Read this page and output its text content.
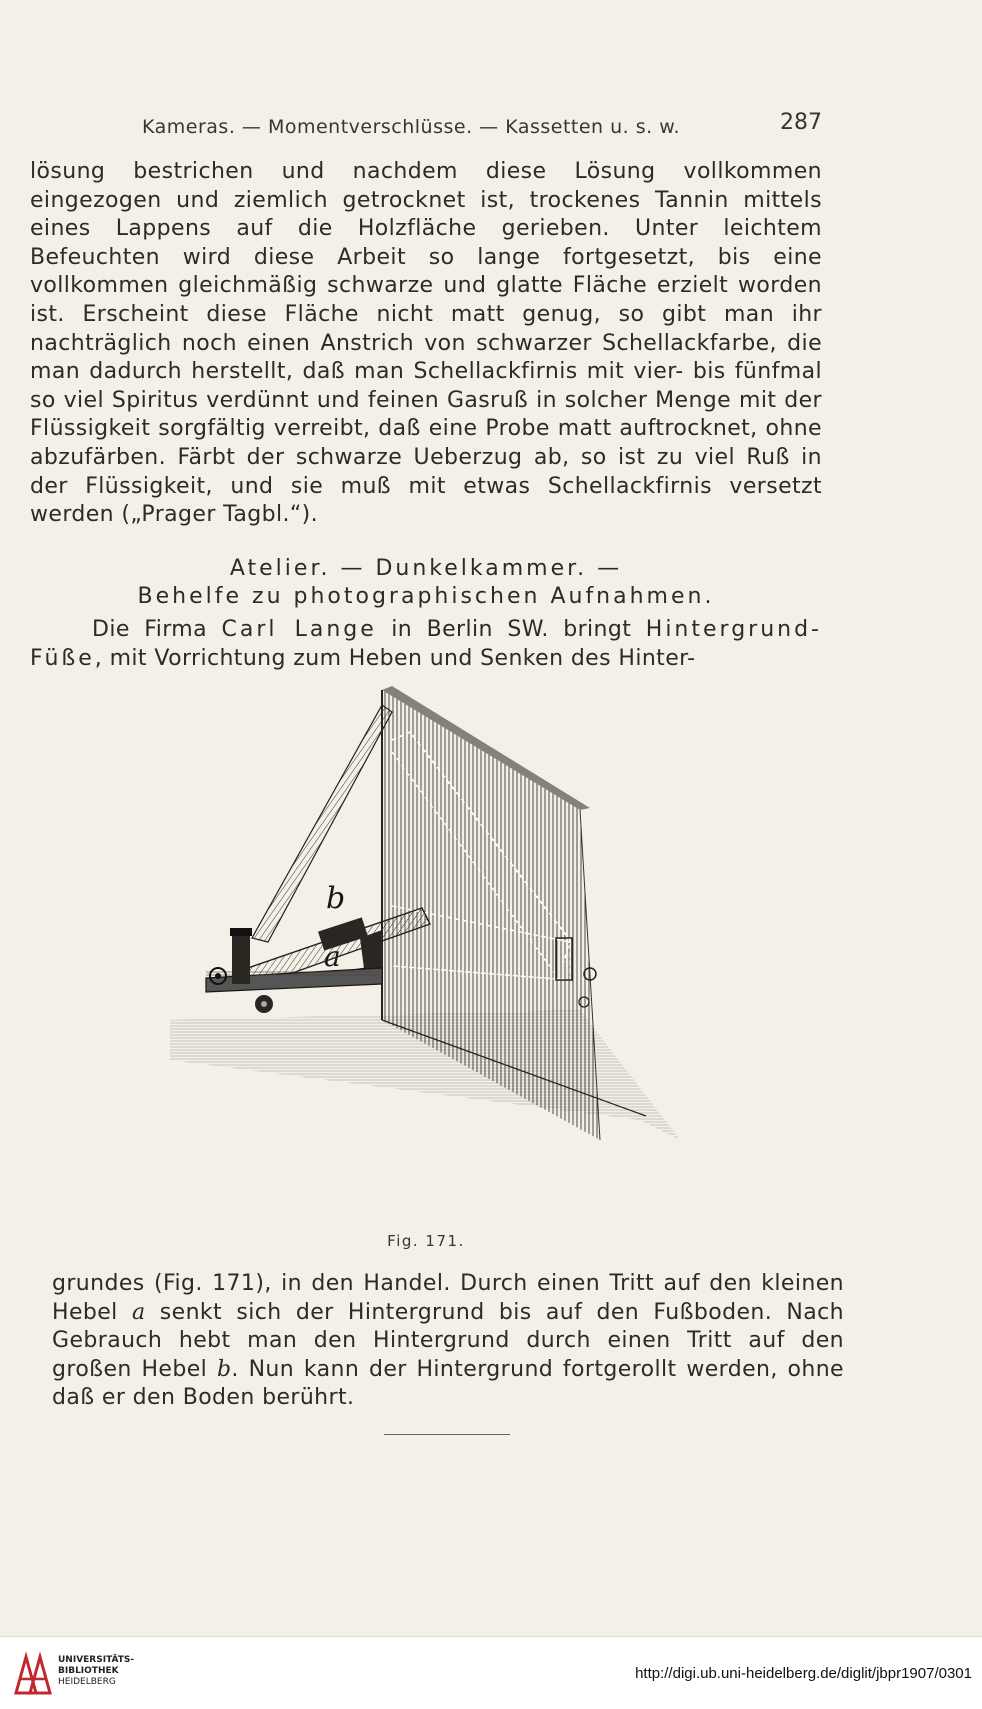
Kameras. — Momentverschlüsse. — Kassetten u. s. w.	287
lösung bestrichen und nachdem diese Lösung vollkommen eingezogen und ziemlich getrocknet ist, trockenes Tannin mittels eines Lappens auf die Holzfläche gerieben. Unter leichtem Befeuchten wird diese Arbeit so lange fortgesetzt, bis eine vollkommen gleichmäßig schwarze und glatte Fläche erzielt worden ist. Erscheint diese Fläche nicht matt genug, so gibt man ihr nachträglich noch einen Anstrich von schwarzer Schellackfarbe, die man dadurch herstellt, daß man Schellackfirnis mit vier- bis fünfmal so viel Spiritus verdünnt und feinen Gasruß in solcher Menge mit der Flüssigkeit sorgfältig verreibt, daß eine Probe matt auftrocknet, ohne abzufärben. Färbt der schwarze Ueberzug ab, so ist zu viel Ruß in der Flüssigkeit, und sie muß mit etwas Schellackfirnis versetzt werden („Prager Tagbl.“).
Atelier. — Dunkelkammer. —
Behelfe zu photographischen Aufnahmen.
Die Firma Carl Lange in Berlin SW. bringt Hintergrund-Füße, mit Vorrichtung zum Heben und Senken des Hinter-
b
a
Fig. 171.
grundes (Fig. 171), in den Handel. Durch einen Tritt auf den kleinen Hebel a senkt sich der Hintergrund bis auf den Fußboden. Nach Gebrauch hebt man den Hintergrund durch einen Tritt auf den großen Hebel b. Nun kann der Hintergrund fortgerollt werden, ohne daß er den Boden berührt.
UNIVERSITÄTS-
BIBLIOTHEK
HEIDELBERG	http://digi.ub.uni-heidelberg.de/diglit/jbpr1907/0301
